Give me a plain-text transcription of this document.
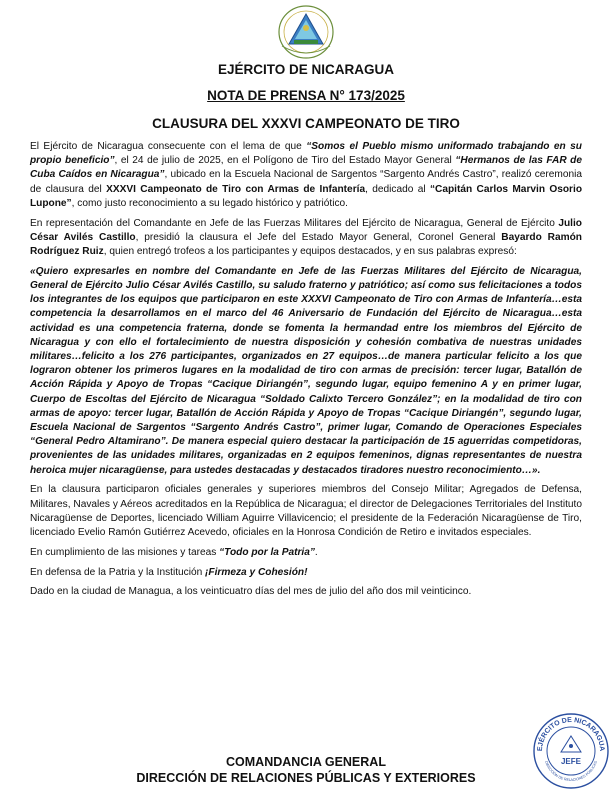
EJÉRCITO DE NICARAGUA
NOTA DE PRENSA N° 173/2025
CLAUSURA DEL XXXVI CAMPEONATO DE TIRO

El Ejército de Nicaragua consecuente con el lema de que “Somos el Pueblo mismo uniformado trabajando en su propio beneficio”, el 24 de julio de 2025, en el Polígono de Tiro del Estado Mayor General “Hermanos de las FAR de Cuba Caídos en Nicaragua”, ubicado en la Escuela Nacional de Sargentos “Sargento Andrés Castro”, realizó ceremonia de clausura del XXXVI Campeonato de Tiro con Armas de Infantería, dedicado al “Capitán Carlos Marvin Osorio Lupone”, como justo reconocimiento a su legado histórico y patriótico.

En representación del Comandante en Jefe de las Fuerzas Militares del Ejército de Nicaragua, General de Ejército Julio César Avilés Castillo, presidió la clausura el Jefe del Estado Mayor General, Coronel General Bayardo Ramón Rodríguez Ruiz, quien entregó trofeos a los participantes y equipos destacados, y en sus palabras expresó:

«Quiero expresarles en nombre del Comandante en Jefe de las Fuerzas Militares del Ejército de Nicaragua, General de Ejército Julio César Avilés Castillo, su saludo fraterno y patriótico; así como sus felicitaciones a todos los integrantes de los equipos que participaron en este XXXVI Campeonato de Tiro con Armas de Infantería…esta competencia la desarrollamos en el marco del 46 Aniversario de Fundación del Ejército de Nicaragua…esta actividad es una competencia fraterna, donde se fomenta la hermandad entre los miembros del Ejército de Nicaragua y con ello el fortalecimiento de nuestra disposición y cohesión combativa de nuestras unidades militares…felicito a los 276 participantes, organizados en 27 equipos…de manera particular felicito a los que lograron obtener los primeros lugares en la modalidad de tiro con armas de precisión: tercer lugar, Batallón de Acción Rápida y Apoyo de Tropas “Cacique Diriangén”, segundo lugar, equipo femenino A y en primer lugar, Cuerpo de Escoltas del Ejército de Nicaragua “Soldado Calixto Tercero González”; en la modalidad de tiro con armas de apoyo: tercer lugar, Batallón de Acción Rápida y Apoyo de Tropas “Cacique Diriangén”, segundo lugar, Escuela Nacional de Sargentos “Sargento Andrés Castro”, primer lugar, Comando de Operaciones Especiales “General Pedro Altamirano”. De manera especial quiero destacar la participación de 15 aguerridas competidoras, provenientes de las unidades militares, organizadas en 2 equipos femeninos, dignas representantes de nuestra heroica mujer nicaragüense, para ustedes destacadas y destacados tiradores nuestro reconocimiento…».

En la clausura participaron oficiales generales y superiores miembros del Consejo Militar; Agregados de Defensa, Militares, Navales y Aéreos acreditados en la República de Nicaragua; el director de Delegaciones Territoriales del Instituto Nicaragüense de Deportes, licenciado William Aguirre Villavicencio; el presidente de la Federación Nicaragüense de Tiro, licenciado Evelio Ramón Gutiérrez Acevedo, oficiales en la Honrosa Condición de Retiro e invitados especiales.

En cumplimiento de las misiones y tareas “Todo por la Patria”.

En defensa de la Patria y la Institución ¡Firmeza y Cohesión!

Dado en la ciudad de Managua, a los veinticuatro días del mes de julio del año dos mil veinticinco.

EJÉRCITO DE NICARAGUA
DIRECCIÓN DE RELACIONES PÚBLICAS
JEFE
COMANDANCIA GENERAL
DIRECCIÓN DE RELACIONES PÚBLICAS Y EXTERIORES
